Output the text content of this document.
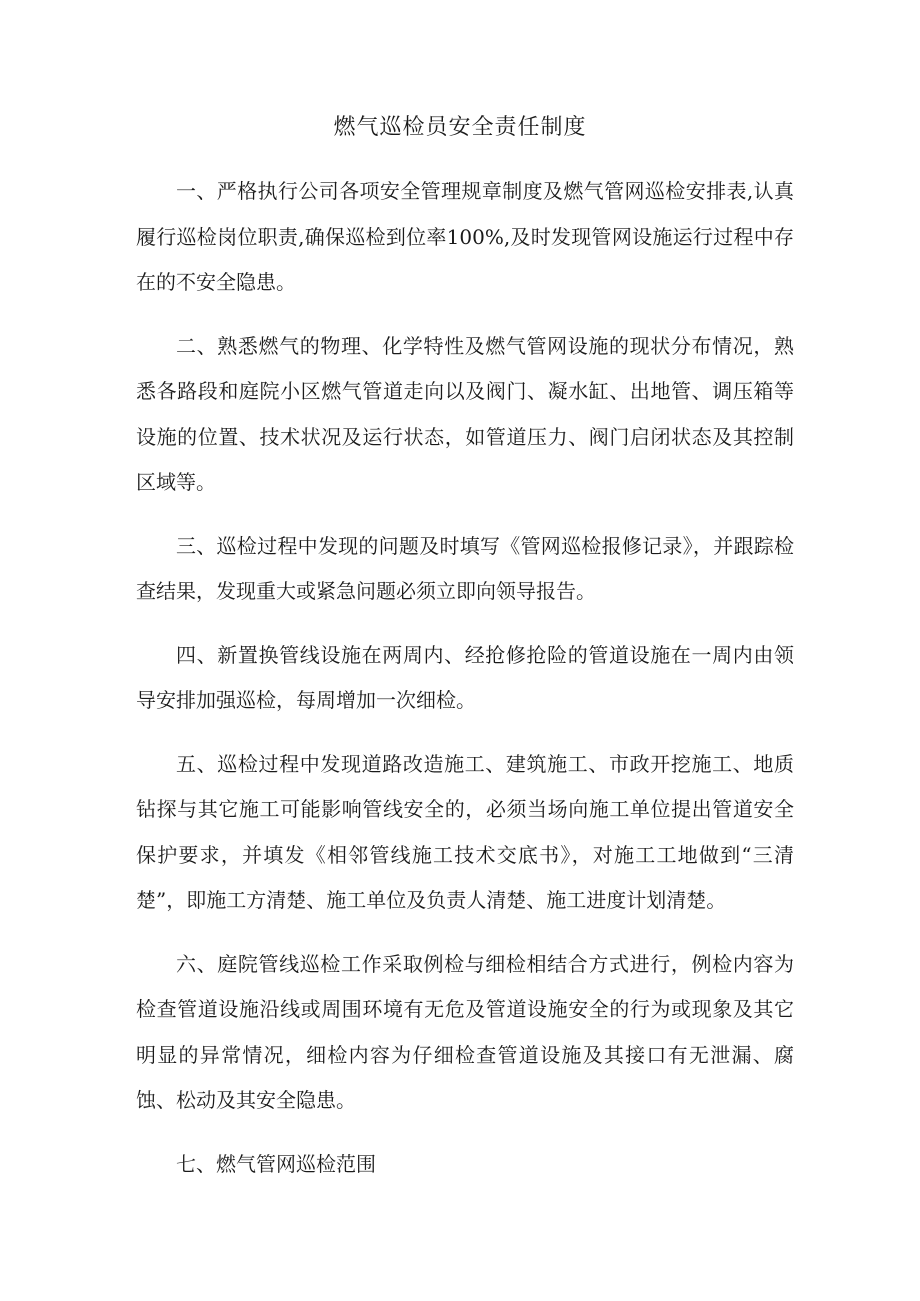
燃气巡检员安全责任制度

一、严格执行公司各项安全管理规章制度及燃气管网巡检安排表,认真履行巡检岗位职责,确保巡检到位率100%,及时发现管网设施运行过程中存在的不安全隐患。

二、熟悉燃气的物理、化学特性及燃气管网设施的现状分布情况，熟悉各路段和庭院小区燃气管道走向以及阀门、凝水缸、出地管、调压箱等设施的位置、技术状况及运行状态，如管道压力、阀门启闭状态及其控制区域等。

三、巡检过程中发现的问题及时填写《管网巡检报修记录》，并跟踪检查结果，发现重大或紧急问题必须立即向领导报告。

四、新置换管线设施在两周内、经抢修抢险的管道设施在一周内由领导安排加强巡检，每周增加一次细检。

五、巡检过程中发现道路改造施工、建筑施工、市政开挖施工、地质钻探与其它施工可能影响管线安全的，必须当场向施工单位提出管道安全保护要求，并填发《相邻管线施工技术交底书》，对施工工地做到“三清楚”，即施工方清楚、施工单位及负责人清楚、施工进度计划清楚。

六、庭院管线巡检工作采取例检与细检相结合方式进行，例检内容为检查管道设施沿线或周围环境有无危及管道设施安全的行为或现象及其它明显的异常情况，细检内容为仔细检查管道设施及其接口有无泄漏、腐蚀、松动及其安全隐患。

七、燃气管网巡检范围
